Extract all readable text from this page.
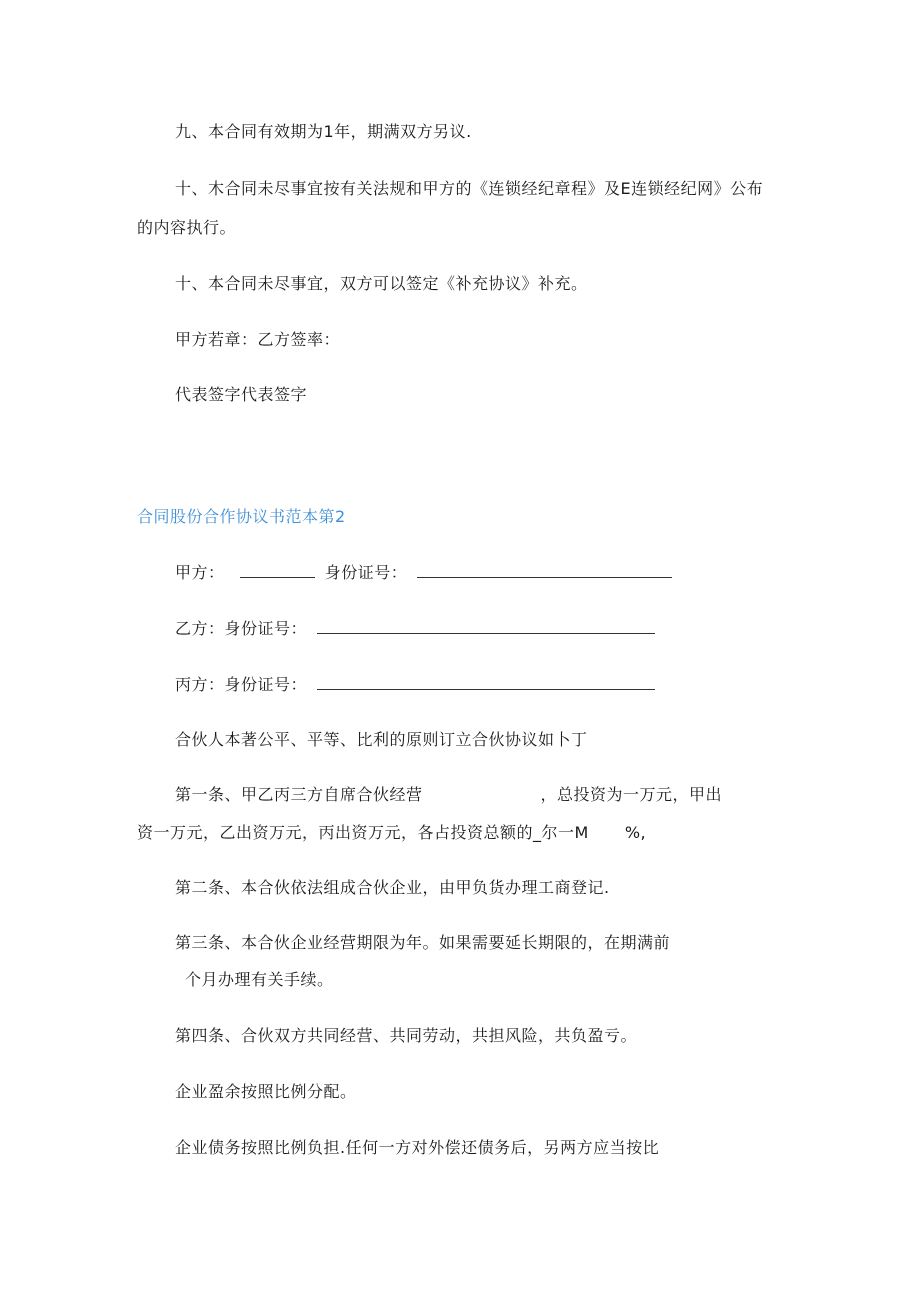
九、本合同有效期为1年，期满双方另议.
十、木合同未尽事宜按有关法规和甲方的《连锁经纪章程》及E连锁经纪网》公布
的内容执行。
十、本合同未尽事宜，双方可以签定《补充协议》补充。
甲方若章：乙方签率：
代表签字代表签字
合同股份合作协议书范本第2
甲方：	身份证号：
乙方：身份证号：
丙方：身份证号：
合伙人本著公平、平等、比利的原则订立合伙协议如卜丁
第一条、甲乙丙三方自席合伙经营	，总投资为一万元，甲出
资一万元，乙出资万元，丙出资万元，各占投资总额的_尔一M %,
第二条、本合伙依法组成合伙企业，由甲负货办理工商登记.
第三条、本合伙企业经营期限为年。如果需要延长期限的，在期满前
个月办理有关手续。
第四条、合伙双方共同经营、共同劳动，共担风险，共负盈亏。
企业盈余按照比例分配。
企业债务按照比例负担.任何一方对外偿还债务后，另两方应当按比
